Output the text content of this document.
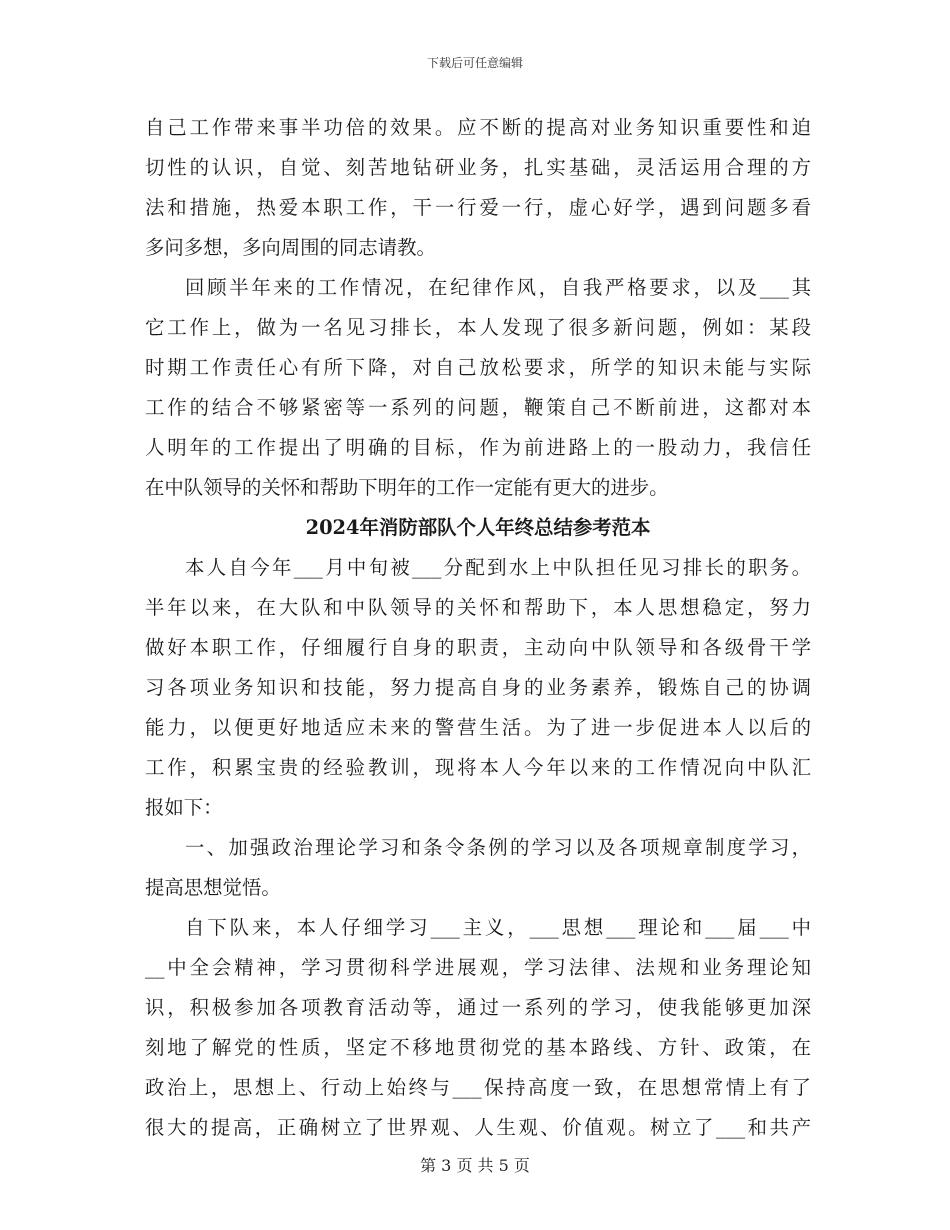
下载后可任意编辑
自己工作带来事半功倍的效果。应不断的提高对业务知识重要性和迫
切性的认识，自觉、刻苦地钻研业务，扎实基础，灵活运用合理的方
法和措施，热爱本职工作，干一行爱一行，虚心好学，遇到问题多看
多问多想，多向周围的同志请教。
回顾半年来的工作情况，在纪律作风，自我严格要求，以及___其
它工作上，做为一名见习排长，本人发现了很多新问题，例如：某段
时期工作责任心有所下降，对自己放松要求，所学的知识未能与实际
工作的结合不够紧密等一系列的问题，鞭策自己不断前进，这都对本
人明年的工作提出了明确的目标，作为前进路上的一股动力，我信任
在中队领导的关怀和帮助下明年的工作一定能有更大的进步。
2024年消防部队个人年终总结参考范本
本人自今年___月中旬被___分配到水上中队担任见习排长的职务。
半年以来，在大队和中队领导的关怀和帮助下，本人思想稳定，努力
做好本职工作，仔细履行自身的职责，主动向中队领导和各级骨干学
习各项业务知识和技能，努力提高自身的业务素养，锻炼自己的协调
能力，以便更好地适应未来的警营生活。为了进一步促进本人以后的
工作，积累宝贵的经验教训，现将本人今年以来的工作情况向中队汇
报如下：
一、加强政治理论学习和条令条例的学习以及各项规章制度学习，
提高思想觉悟。
自下队来，本人仔细学习___主义，___思想___理论和___届___中
__中全会精神，学习贯彻科学进展观，学习法律、法规和业务理论知
识，积极参加各项教育活动等，通过一系列的学习，使我能够更加深
刻地了解党的性质，坚定不移地贯彻党的基本路线、方针、政策，在
政治上，思想上、行动上始终与___保持高度一致，在思想常情上有了
很大的提高，正确树立了世界观、人生观、价值观。树立了___和共产
第 3 页 共 5 页
